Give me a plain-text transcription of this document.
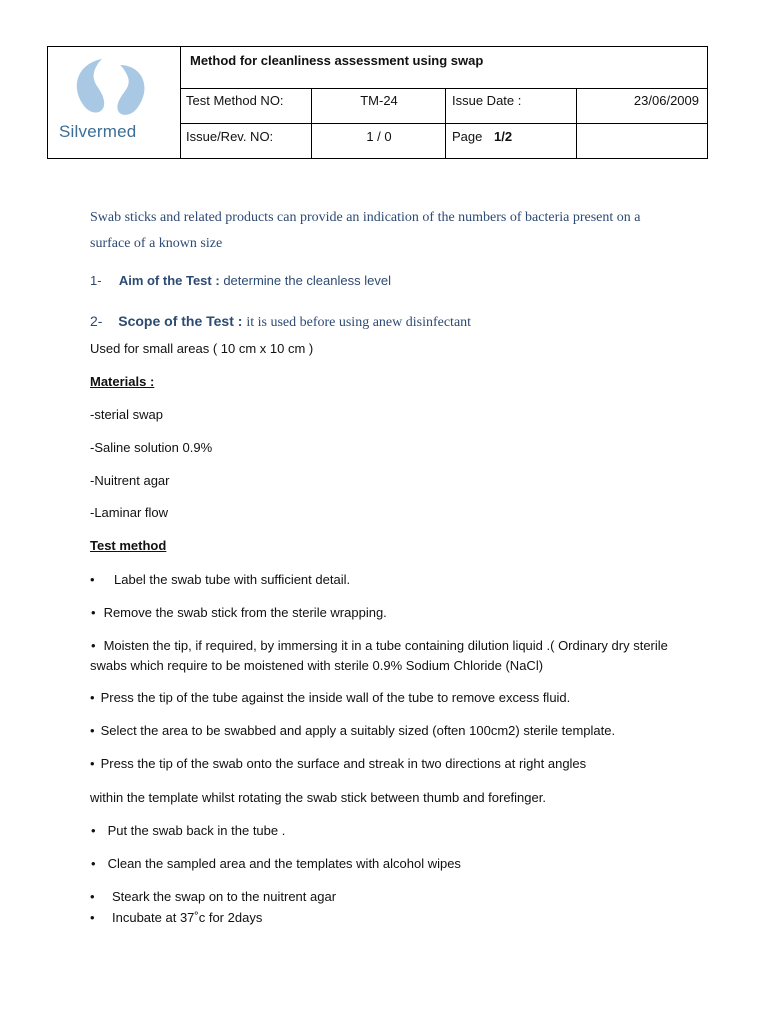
Silvermed
Method for cleanliness assessment using swap
Test Method NO:	TM-24	Issue Date :	23/06/2009
Issue/Rev. NO:	1 / 0	Page 1/2
Swab sticks and related products can provide an indication of the numbers of bacteria present on a
surface of a known size
1- Aim of the Test : determine the cleanless level
2- Scope of the Test : it is used before using anew disinfectant
Used for small areas ( 10 cm x 10 cm )
Materials :
-sterial swap
-Saline solution 0.9%
-Nuitrent agar
-Laminar flow
Test method
• Label the swab tube with sufficient detail.
• Remove the swab stick from the sterile wrapping.
• Moisten the tip, if required, by immersing it in a tube containing dilution liquid .( Ordinary dry sterile
swabs which require to be moistened with sterile 0.9% Sodium Chloride (NaCl)
• Press the tip of the tube against the inside wall of the tube to remove excess fluid.
• Select the area to be swabbed and apply a suitably sized (often 100cm2) sterile template.
• Press the tip of the swab onto the surface and streak in two directions at right angles
within the template whilst rotating the swab stick between thumb and forefinger.
• Put the swab back in the tube .
• Clean the sampled area and the templates with alcohol wipes
• Steark the swap on to the nuitrent agar
• Incubate at 37˚c for 2days
